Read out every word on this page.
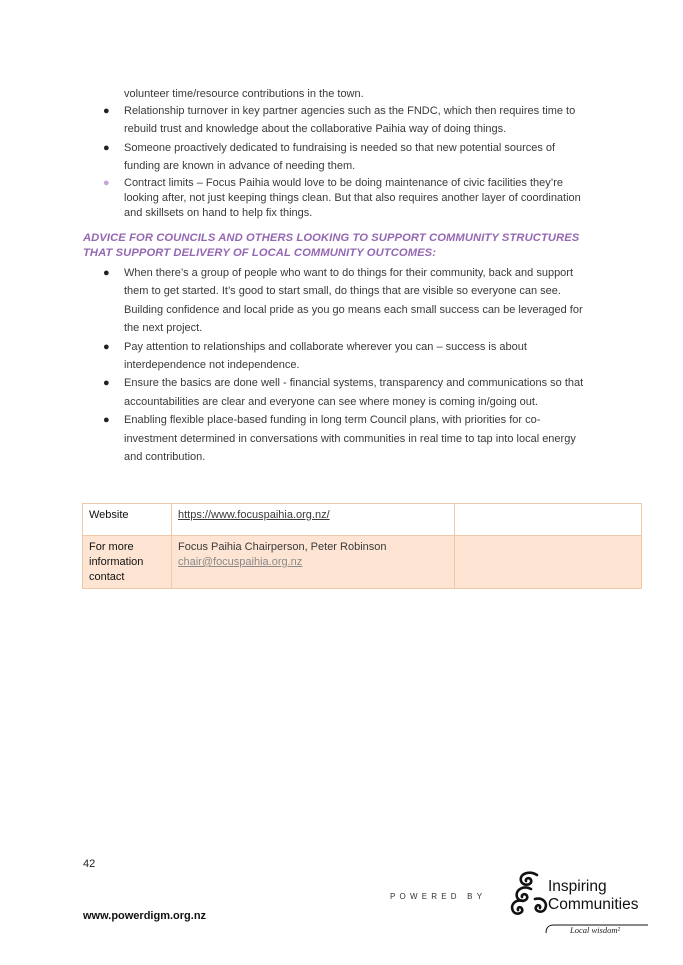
volunteer time/resource contributions in the town.
● Relationship turnover in key partner agencies such as the FNDC, which then requires time to rebuild trust and knowledge about the collaborative Paihia way of doing things.
● Someone proactively dedicated to fundraising is needed so that new potential sources of funding are known in advance of needing them.
● Contract limits – Focus Paihia would love to be doing maintenance of civic facilities they’re looking after, not just keeping things clean. But that also requires another layer of coordination and skillsets on hand to help fix things.
ADVICE FOR COUNCILS AND OTHERS LOOKING TO SUPPORT COMMUNITY STRUCTURES THAT SUPPORT DELIVERY OF LOCAL COMMUNITY OUTCOMES:
● When there’s a group of people who want to do things for their community, back and support them to get started. It’s good to start small, do things that are visible so everyone can see. Building confidence and local pride as you go means each small success can be leveraged for the next project.
● Pay attention to relationships and collaborate wherever you can – success is about interdependence not independence.
● Ensure the basics are done well - financial systems, transparency and communications so that accountabilities are clear and everyone can see where money is coming in/going out.
● Enabling flexible place-based funding in long term Council plans, with priorities for co-investment determined in conversations with communities in real time to tap into local energy and contribution.
Website	https://www.focuspaihia.org.nz/	
For more information contact	Focus Paihia Chairperson, Peter Robinson
chair@focuspaihia.org.nz	

42
www.powerdigm.org.nz
POWERED BY
Inspiring
Communities
Local wisdom²
